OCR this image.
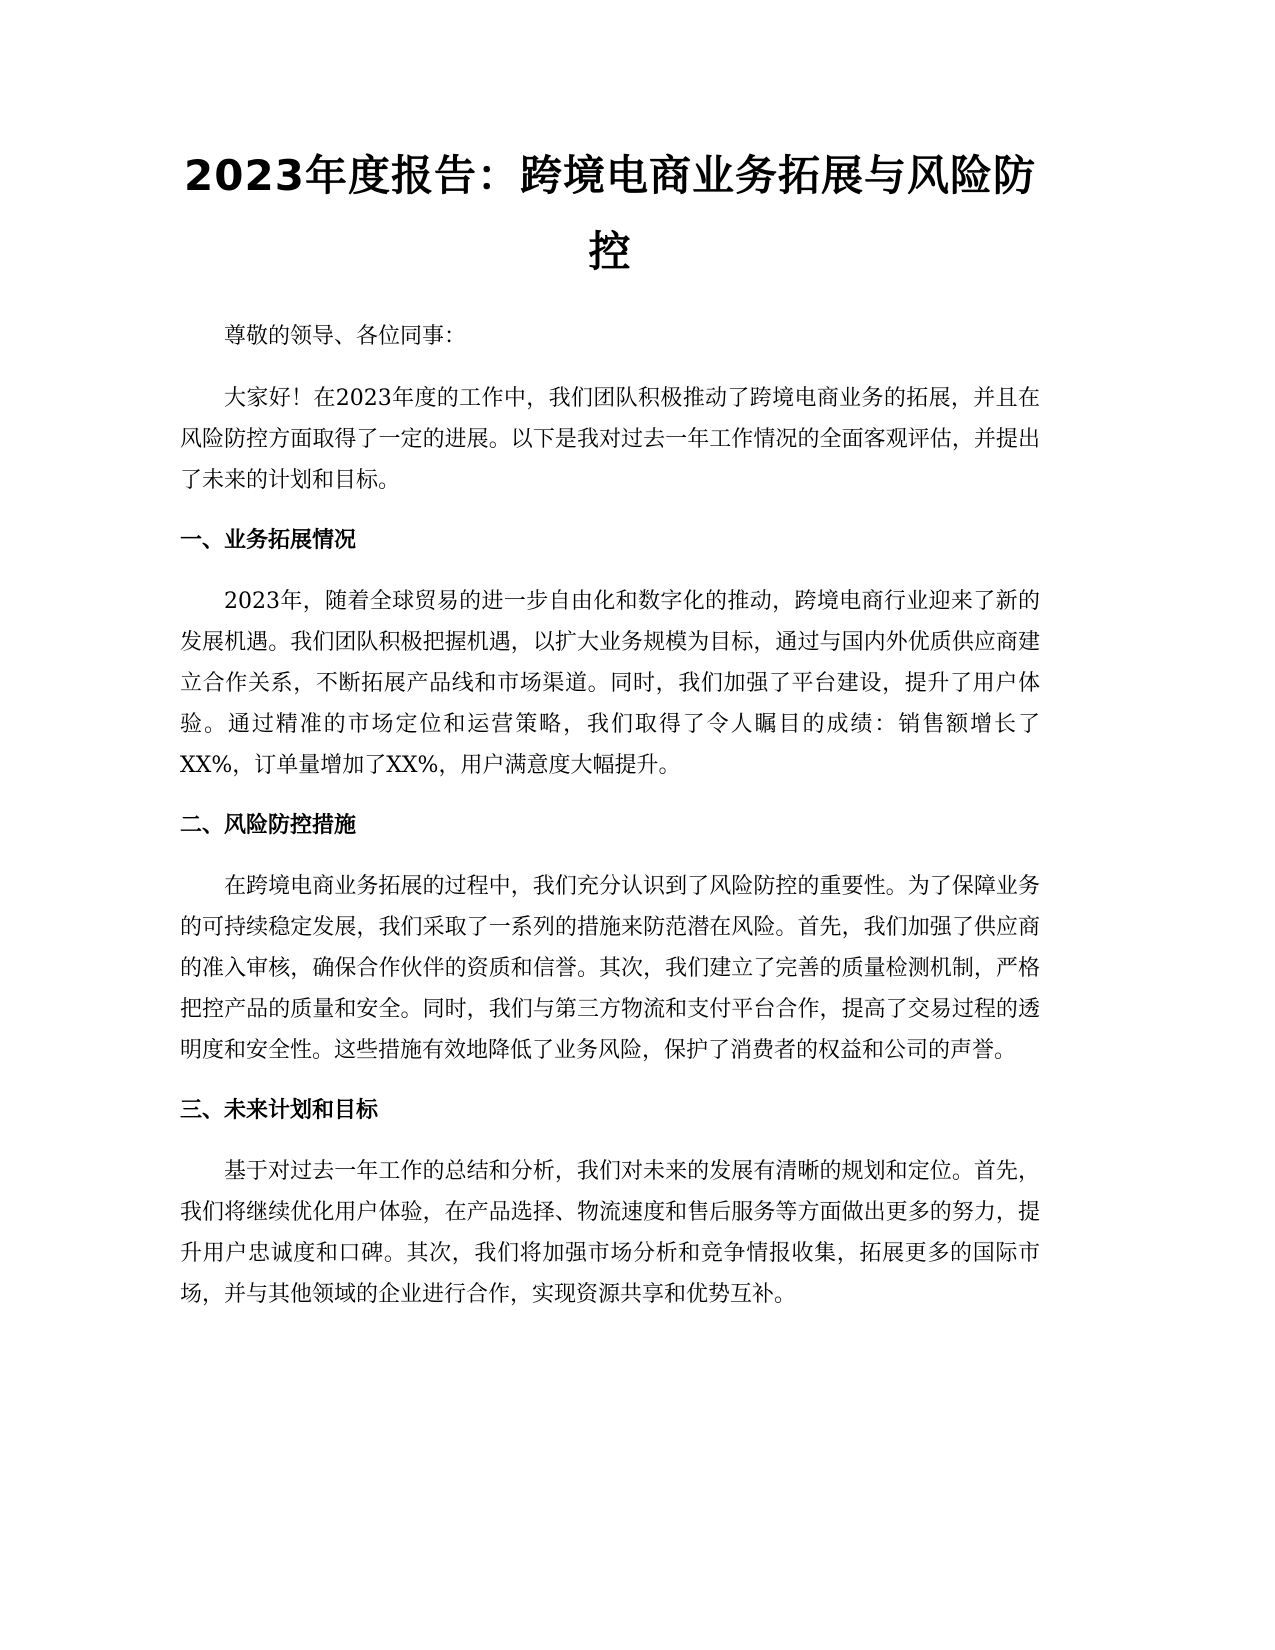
2023年度报告：跨境电商业务拓展与风险防控

尊敬的领导、各位同事：

大家好！在2023年度的工作中，我们团队积极推动了跨境电商业务的拓展，并且在风险防控方面取得了一定的进展。以下是我对过去一年工作情况的全面客观评估，并提出了未来的计划和目标。

一、业务拓展情况

2023年，随着全球贸易的进一步自由化和数字化的推动，跨境电商行业迎来了新的发展机遇。我们团队积极把握机遇，以扩大业务规模为目标，通过与国内外优质供应商建立合作关系，不断拓展产品线和市场渠道。同时，我们加强了平台建设，提升了用户体验。通过精准的市场定位和运营策略，我们取得了令人瞩目的成绩：销售额增长了XX%，订单量增加了XX%，用户满意度大幅提升。

二、风险防控措施

在跨境电商业务拓展的过程中，我们充分认识到了风险防控的重要性。为了保障业务的可持续稳定发展，我们采取了一系列的措施来防范潜在风险。首先，我们加强了供应商的准入审核，确保合作伙伴的资质和信誉。其次，我们建立了完善的质量检测机制，严格把控产品的质量和安全。同时，我们与第三方物流和支付平台合作，提高了交易过程的透明度和安全性。这些措施有效地降低了业务风险，保护了消费者的权益和公司的声誉。

三、未来计划和目标

基于对过去一年工作的总结和分析，我们对未来的发展有清晰的规划和定位。首先，我们将继续优化用户体验，在产品选择、物流速度和售后服务等方面做出更多的努力，提升用户忠诚度和口碑。其次，我们将加强市场分析和竞争情报收集，拓展更多的国际市场，并与其他领域的企业进行合作，实现资源共享和优势互补。
